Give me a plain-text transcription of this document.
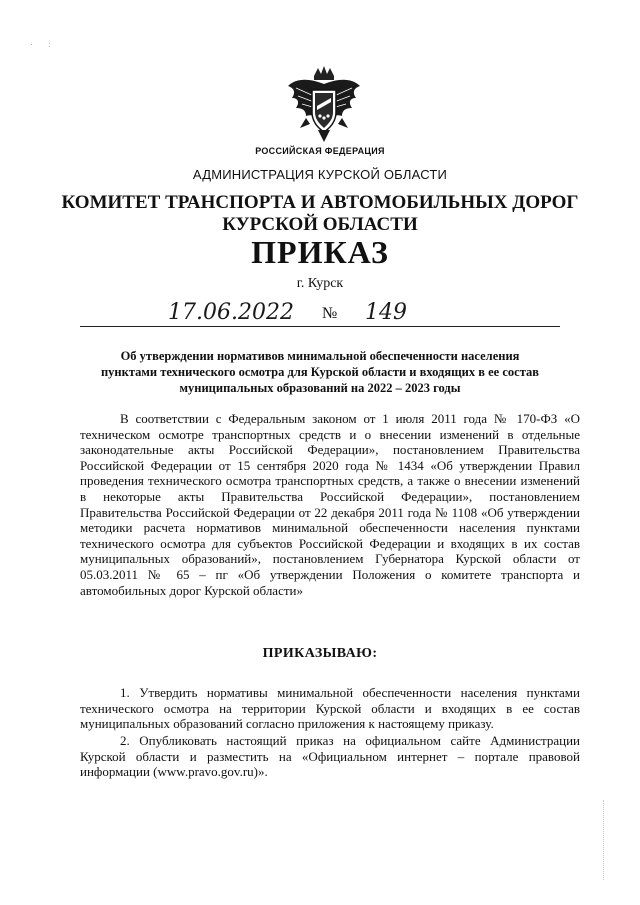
·       :
РОССИЙСКАЯ ФЕДЕРАЦИЯ
АДМИНИСТРАЦИЯ КУРСКОЙ ОБЛАСТИ
КОМИТЕТ ТРАНСПОРТА И АВТОМОБИЛЬНЫХ ДОРОГ
КУРСКОЙ ОБЛАСТИ
ПРИКАЗ
г. Курск
17.06.2022 № 149
Об утверждении нормативов минимальной обеспеченности населения
пунктами технического осмотра для Курской области и входящих в ее состав
муниципальных образований на 2022 – 2023 годы

В соответствии с Федеральным законом от 1 июля 2011 года № 170-ФЗ «О техническом осмотре транспортных средств и о внесении изменений в отдельные законодательные акты Российской Федерации», постановлением Правительства Российской Федерации от 15 сентября 2020 года № 1434 «Об утверждении Правил проведения технического осмотра транспортных средств, а также о внесении изменений в некоторые акты Правительства Российской Федерации», постановлением Правительства Российской Федерации от 22 декабря 2011 года № 1108 «Об утверждении методики расчета нормативов минимальной обеспеченности населения пунктами технического осмотра для субъектов Российской Федерации и входящих в их состав муниципальных образований», постановлением Губернатора Курской области от 05.03.2011 № 65 – пг «Об утверждении Положения о комитете транспорта и автомобильных дорог Курской области»

ПРИКАЗЫВАЮ:

1. Утвердить нормативы минимальной обеспеченности населения пунктами технического осмотра на территории Курской области и входящих в ее состав муниципальных образований согласно приложения к настоящему приказу.

2. Опубликовать настоящий приказ на официальном сайте Администрации Курской области и разместить на «Официальном интернет – портале правовой информации (www.pravo.gov.ru)».
